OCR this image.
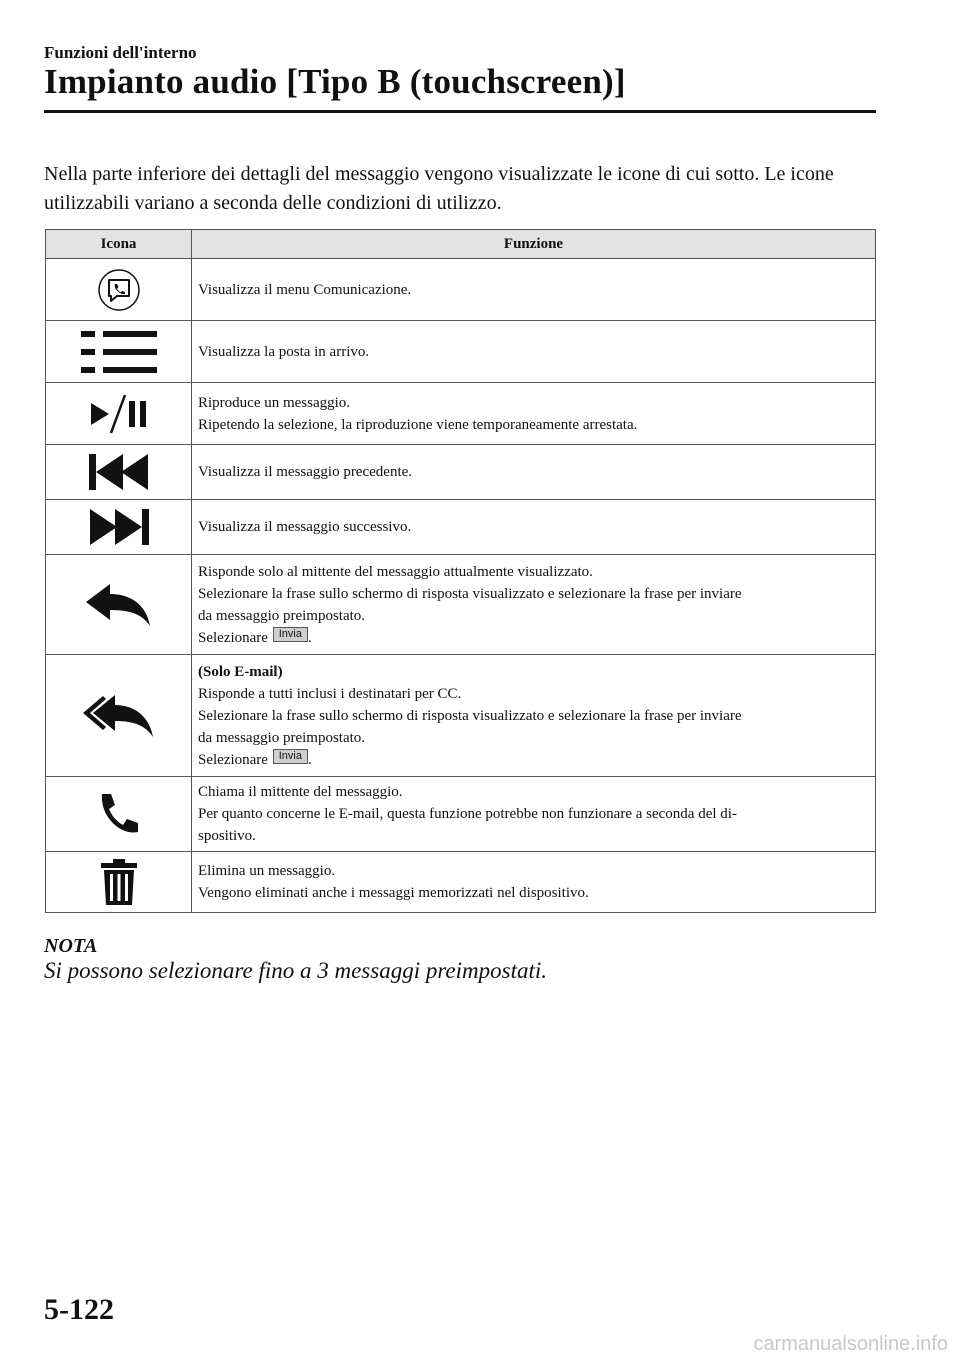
Funzioni dell'interno
Impianto audio [Tipo B (touchscreen)]
Nella parte inferiore dei dettagli del messaggio vengono visualizzate le icone di cui sotto. Le icone utilizzabili variano a seconda delle condizioni di utilizzo.
Icona	Funzione

Visualizza il menu Comunicazione.

Visualizza la posta in arrivo.

Riproduce un messaggio.
Ripetendo la selezione, la riproduzione viene temporaneamente arrestata.

Visualizza il messaggio precedente.

Visualizza il messaggio successivo.

Risponde solo al mittente del messaggio attualmente visualizzato.
Selezionare la frase sullo schermo di risposta visualizzato e selezionare la frase per inviare
da messaggio preimpostato.
Selezionare Invia .

(Solo E-mail)
Risponde a tutti inclusi i destinatari per CC.
Selezionare la frase sullo schermo di risposta visualizzato e selezionare la frase per inviare
da messaggio preimpostato.
Selezionare Invia .

Chiama il mittente del messaggio.
Per quanto concerne le E-mail, questa funzione potrebbe non funzionare a seconda del di-
spositivo.

Elimina un messaggio.
Vengono eliminati anche i messaggi memorizzati nel dispositivo.
NOTA
Si possono selezionare fino a 3 messaggi preimpostati.
5-122
carmanualsonline.info
